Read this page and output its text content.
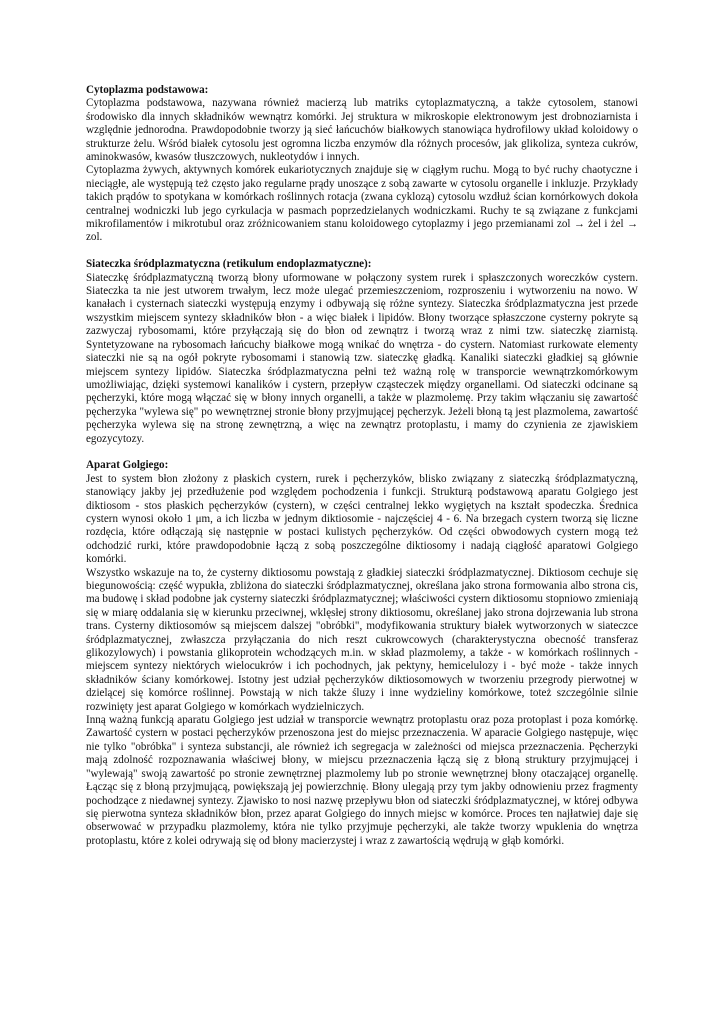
Cytoplazma podstawowa:

Cytoplazma podstawowa, nazywana również macierzą lub matriks cytoplazmatyczną, a także cytosolem, stanowi środowisko dla innych składników wewnątrz komórki. Jej struktura w mikroskopie elektronowym jest drobnoziarnista i względnie jednorodna. Prawdopodobnie tworzy ją sieć łańcuchów białkowych stanowiąca hydrofilowy układ koloidowy o strukturze żelu. Wśród białek cytosolu jest ogromna liczba enzymów dla różnych procesów, jak glikoliza, synteza cukrów, aminokwasów, kwasów tłuszczowych, nukleotydów i innych.

Cytoplazma żywych, aktywnych komórek eukariotycznych znajduje się w ciągłym ruchu. Mogą to być ruchy chaotyczne i nieciągłe, ale występują też często jako regularne prądy unoszące z sobą zawarte w cytosolu organelle i inkluzje. Przykłady takich prądów to spotykana w komórkach roślinnych rotacja (zwana cyklozą) cytosolu wzdłuż ścian kornórkowych dokoła centralnej wodniczki lub jego cyrkulacja w pasmach poprzedzielanych wodniczkami. Ruchy te są związane z funkcjami mikrofilamentów i mikrotubul oraz zróżnicowaniem stanu koloidowego cytoplazmy i jego przemianami zol → żel i żel → zol.

Siateczka śródplazmatyczna (retikulum endoplazmatyczne):

Siateczkę śródplazmatyczną tworzą błony uformowane w połączony system rurek i spłaszczonych woreczków cystern. Siateczka ta nie jest utworem trwałym, lecz może ulegać przemieszczeniom, rozproszeniu i wytworzeniu na nowo. W kanałach i cysternach siateczki występują enzymy i odbywają się różne syntezy. Siateczka śródplazmatyczna jest przede wszystkim miejscem syntezy składników błon - a więc białek i lipidów. Błony tworzące spłaszczone cysterny pokryte są zazwyczaj rybosomami, które przyłączają się do błon od zewnątrz i tworzą wraz z nimi tzw. siateczkę ziarnistą. Syntetyzowane na rybosomach łańcuchy białkowe mogą wnikać do wnętrza - do cystern. Natomiast rurkowate elementy siateczki nie są na ogół pokryte rybosomami i stanowią tzw. siateczkę gładką. Kanaliki siateczki gładkiej są głównie miejscem syntezy lipidów. Siateczka śródplazmatyczna pełni też ważną rolę w transporcie wewnątrzkomórkowym umożliwiając, dzięki systemowi kanalików i cystern, przepływ cząsteczek między organellami. Od siateczki odcinane są pęcherzyki, które mogą włączać się w błony innych organelli, a także w plazmolemę. Przy takim włączaniu się zawartość pęcherzyka "wylewa się" po wewnętrznej stronie błony przyjmującej pęcherzyk. Jeżeli błoną tą jest plazmolema, zawartość pęcherzyka wylewa się na stronę zewnętrzną, a więc na zewnątrz protoplastu, i mamy do czynienia ze zjawiskiem egozycytozy.

Aparat Golgiego:

Jest to system błon złożony z płaskich cystern, rurek i pęcherzyków, blisko związany z siateczką śródplazmatyczną, stanowiący jakby jej przedłużenie pod względem pochodzenia i funkcji. Strukturą podstawową aparatu Golgiego jest diktiosom - stos płaskich pęcherzyków (cystern), w części centralnej lekko wygiętych na kształt spodeczka. Średnica cystern wynosi około 1 μm, a ich liczba w jednym diktiosomie - najczęściej 4 - 6. Na brzegach cystern tworzą się liczne rozdęcia, które odłączają się następnie w postaci kulistych pęcherzyków. Od części obwodowych cystern mogą też odchodzić rurki, które prawdopodobnie łączą z sobą poszczególne diktiosomy i nadają ciągłość aparatowi Golgiego komórki.

Wszystko wskazuje na to, że cysterny diktiosomu powstają z gładkiej siateczki śródplazmatycznej. Diktiosom cechuje się biegunowością: część wypukła, zbliżona do siateczki śródplazmatycznej, określana jako strona formowania albo strona cis, ma budowę i skład podobne jak cysterny siateczki śródplazmatycznej; właściwości cystern diktiosomu stopniowo zmieniają się w miarę oddalania się w kierunku przeciwnej, wklęsłej strony diktiosomu, określanej jako strona dojrzewania lub strona trans. Cysterny diktiosomów są miejscem dalszej "obróbki", modyfikowania struktury białek wytworzonych w siateczce śródplazmatycznej, zwłaszcza przyłączania do nich reszt cukrowcowych (charakterystyczna obecność transferaz glikozylowych) i powstania glikoprotein wchodzących m.in. w skład plazmolemy, a także - w komórkach roślinnych - miejscem syntezy niektórych wielocukrów i ich pochodnych, jak pektyny, hemicelulozy i - być może - także innych składników ściany komórkowej. Istotny jest udział pęcherzyków diktiosomowych w tworzeniu przegrody pierwotnej w dzielącej się komórce roślinnej. Powstają w nich także śluzy i inne wydzieliny komórkowe, toteż szczególnie silnie rozwinięty jest aparat Golgiego w komórkach wydzielniczych.

Inną ważną funkcją aparatu Golgiego jest udział w transporcie wewnątrz protoplastu oraz poza protoplast i poza komórkę. Zawartość cystern w postaci pęcherzyków przenoszona jest do miejsc przeznaczenia. W aparacie Golgiego następuje, więc nie tylko "obróbka" i synteza substancji, ale również ich segregacja w zależności od miejsca przeznaczenia. Pęcherzyki mają zdolność rozpoznawania właściwej błony, w miejscu przeznaczenia łączą się z błoną struktury przyjmującej i "wylewają" swoją zawartość po stronie zewnętrznej plazmolemy lub po stronie wewnętrznej błony otaczającej organellę. Łącząc się z błoną przyjmującą, powiększają jej powierzchnię. Błony ulegają przy tym jakby odnowieniu przez fragmenty pochodzące z niedawnej syntezy. Zjawisko to nosi nazwę przepływu błon od siateczki śródplazmatycznej, w której odbywa się pierwotna synteza składników błon, przez aparat Golgiego do innych miejsc w komórce. Proces ten najłatwiej daje się obserwować w przypadku plazmolemy, która nie tylko przyjmuje pęcherzyki, ale także tworzy wpuklenia do wnętrza protoplastu, które z kolei odrywają się od błony macierzystej i wraz z zawartością wędrują w głąb komórki.
